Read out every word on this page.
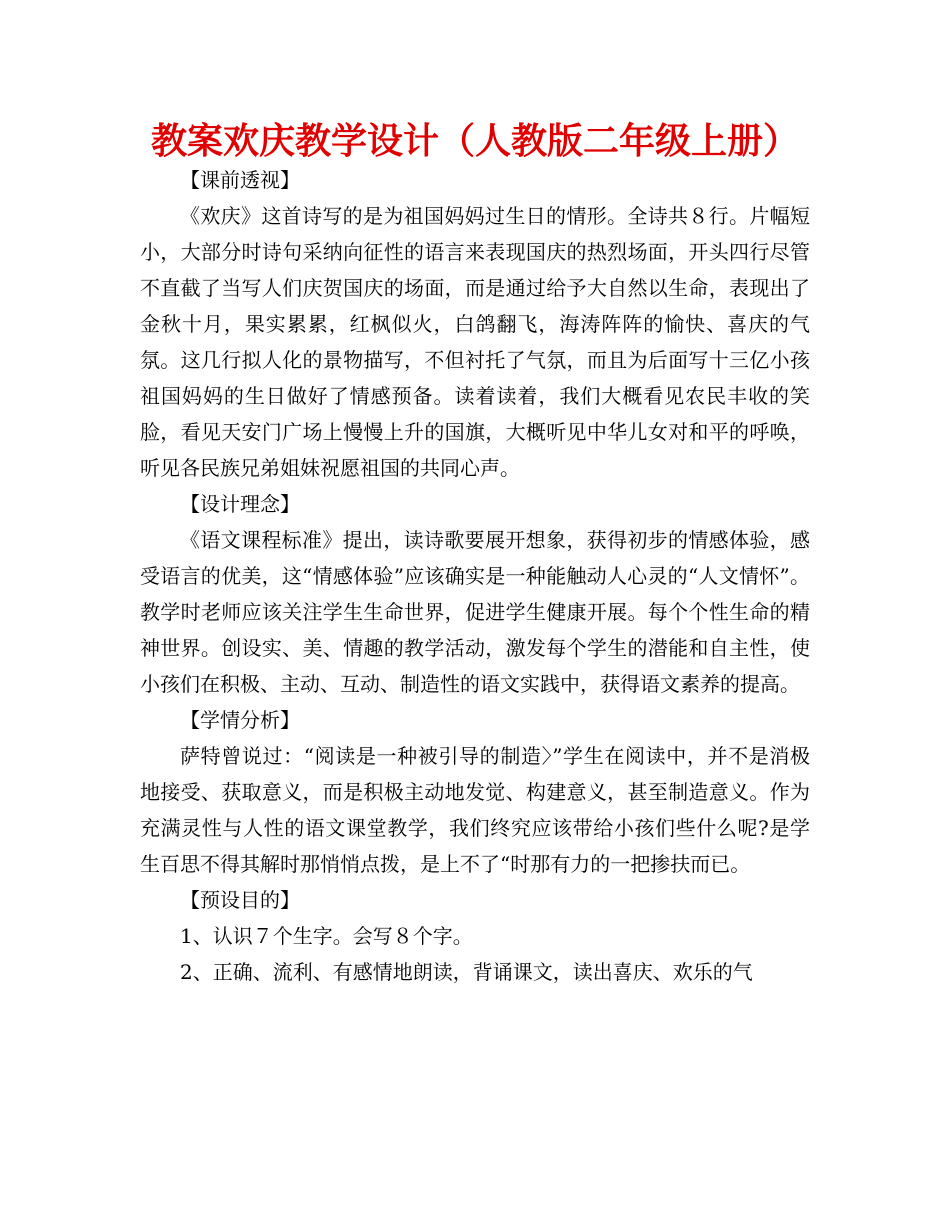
教案欢庆教学设计（人教版二年级上册）

【课前透视】

《欢庆》这首诗写的是为祖国妈妈过生日的情形。全诗共８行。片幅短小，大部分时诗句采纳向征性的语言来表现国庆的热烈场面，开头四行尽管不直截了当写人们庆贺国庆的场面，而是通过给予大自然以生命，表现出了金秋十月，果实累累，红枫似火，白鸽翻飞，海涛阵阵的愉快、喜庆的气氛。这几行拟人化的景物描写，不但衬托了气氛，而且为后面写十三亿小孩祖国妈妈的生日做好了情感预备。读着读着，我们大概看见农民丰收的笑脸，看见天安门广场上慢慢上升的国旗，大概听见中华儿女对和平的呼唤，听见各民族兄弟姐妹祝愿祖国的共同心声。

【设计理念】

《语文课程标准》提出，读诗歌要展开想象，获得初步的情感体验，感受语言的优美，这“情感体验”应该确实是一种能触动人心灵的“人文情怀”。教学时老师应该关注学生生命世界，促进学生健康开展。每个个性生命的精神世界。创设实、美、情趣的教学活动，激发每个学生的潜能和自主性，使小孩们在积极、主动、互动、制造性的语文实践中，获得语文素养的提高。

【学情分析】

萨特曾说过：“阅读是一种被引导的制造〉”学生在阅读中，并不是消极地接受、获取意义，而是积极主动地发觉、构建意义，甚至制造意义。作为充满灵性与人性的语文课堂教学，我们终究应该带给小孩们些什么呢?是学生百思不得其解时那悄悄点拨，是上不了“时那有力的一把掺扶而已。

【预设目的】

1、认识７个生字。会写８个字。

2、正确、流利、有感情地朗读，背诵课文，读出喜庆、欢乐的气
